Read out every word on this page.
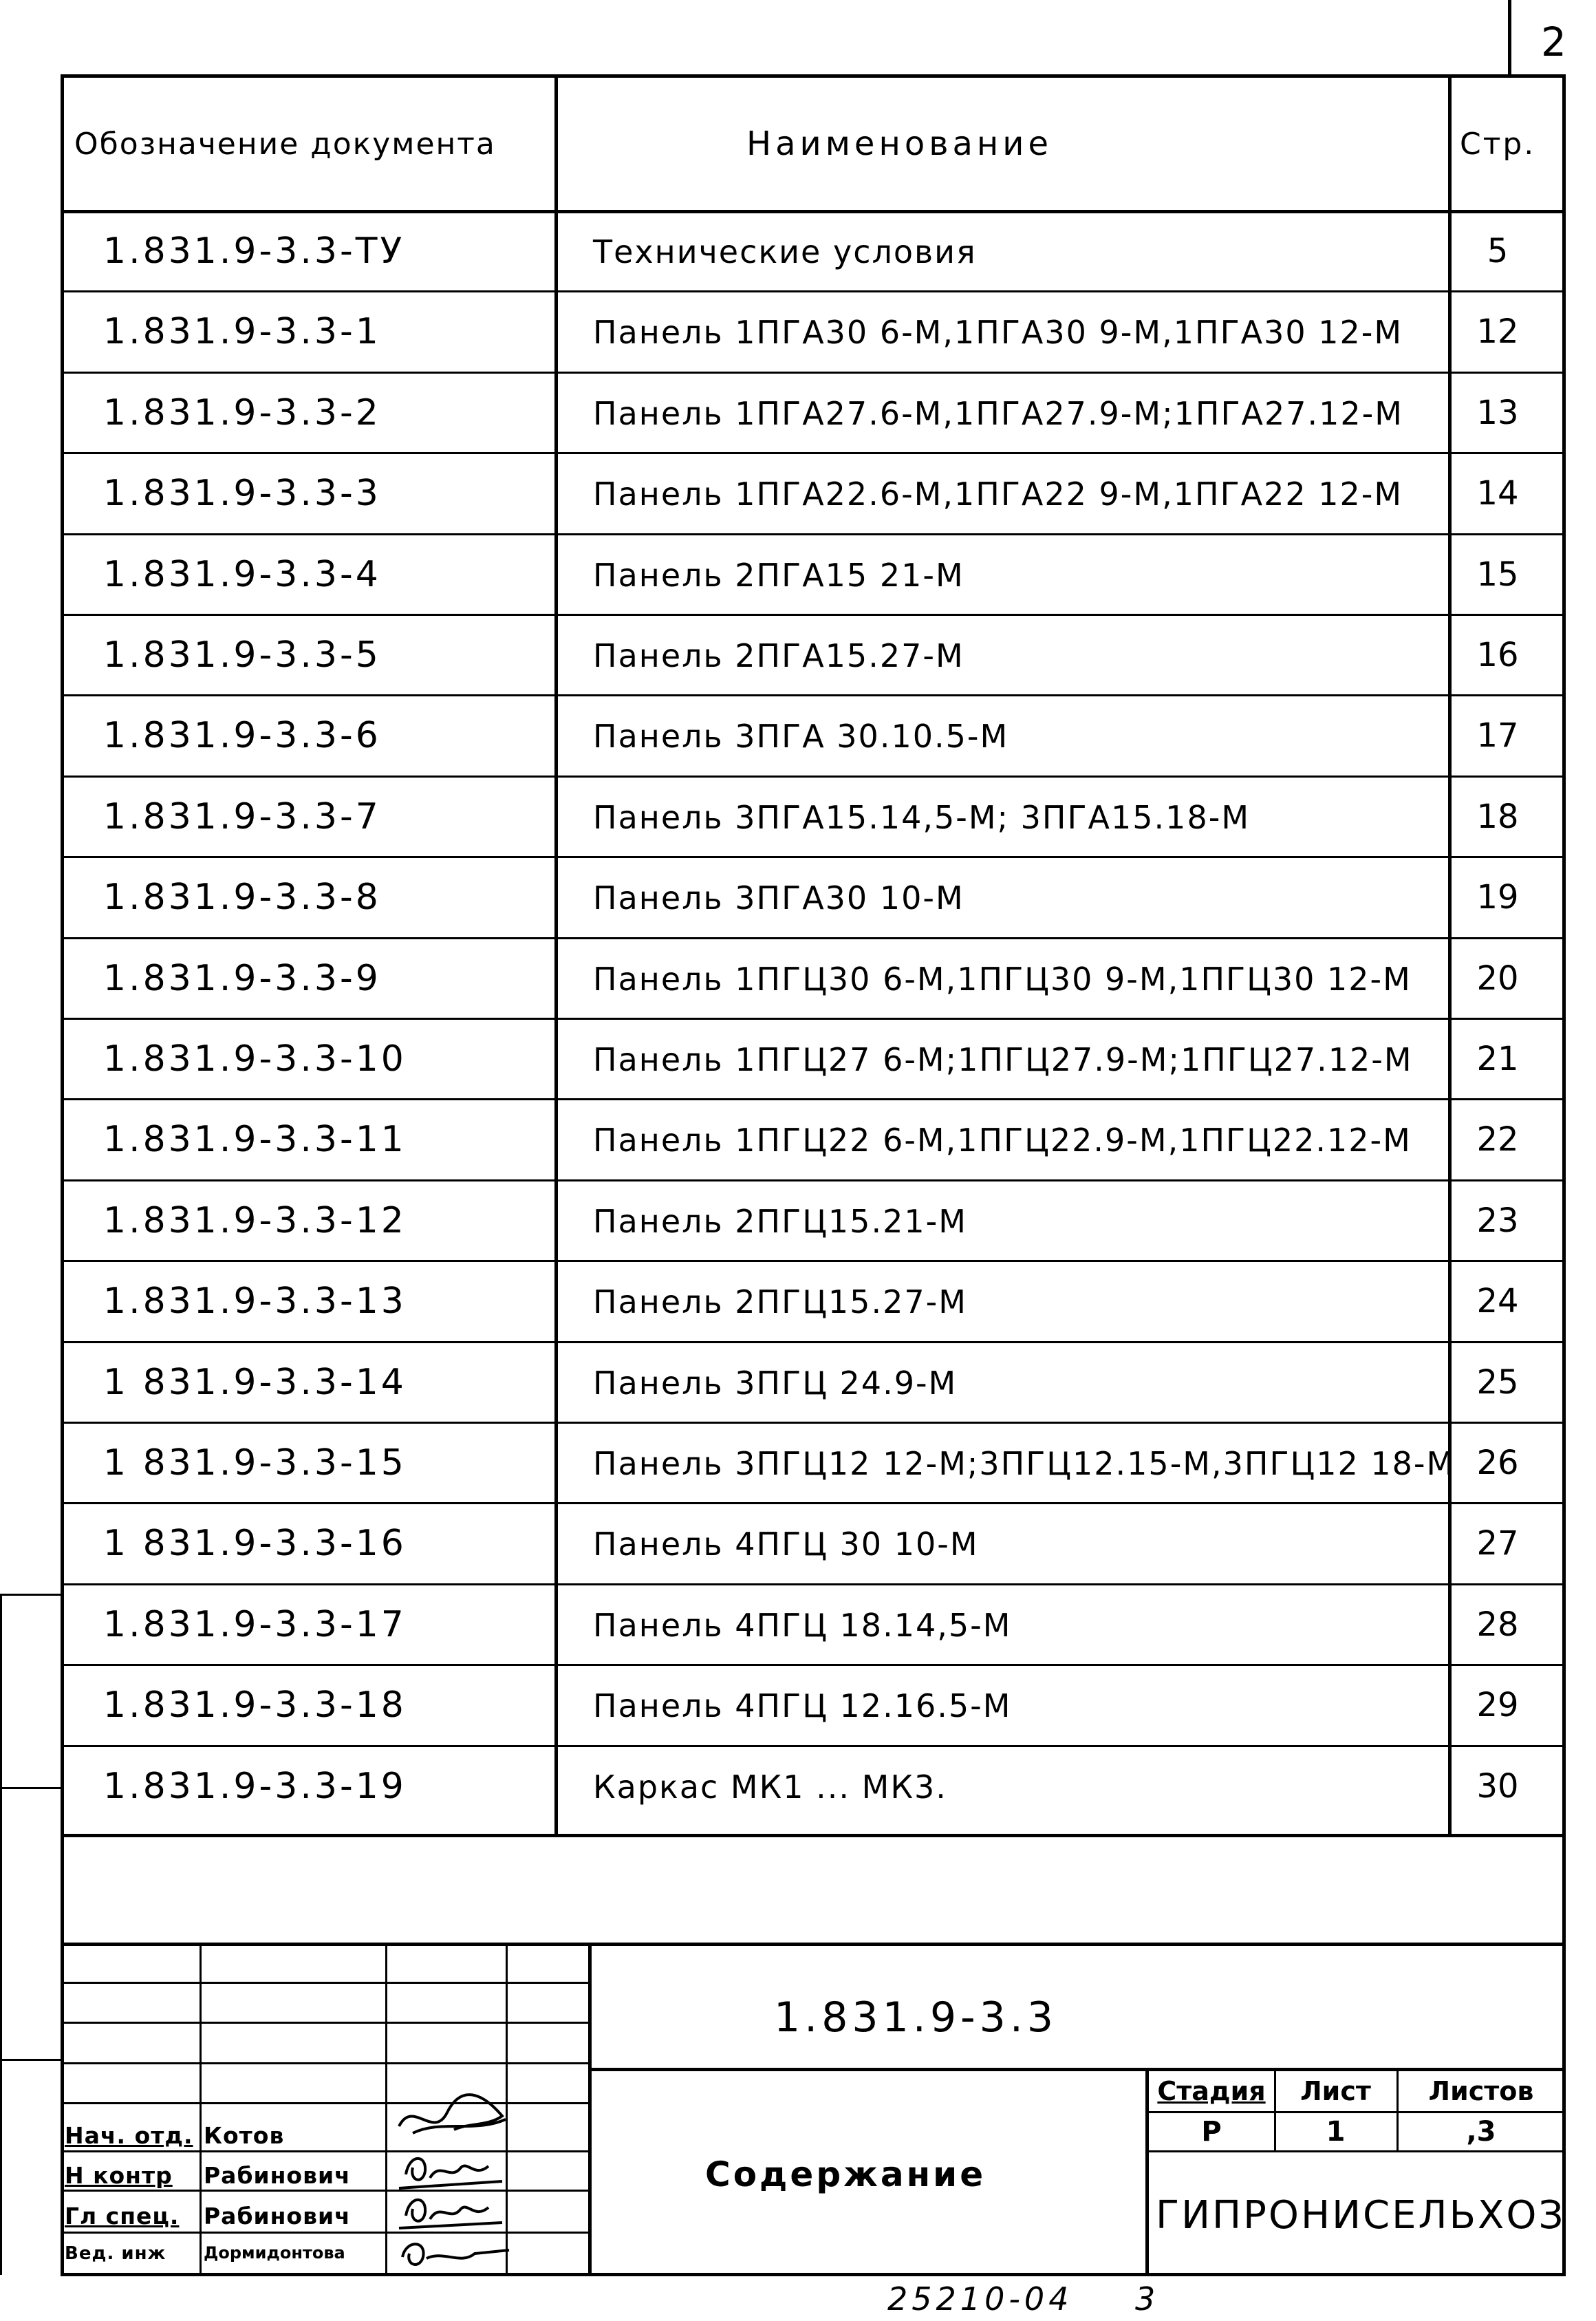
2
Обозначение документа	Наименование	Стр.
1.831.9-3.3-ТУ	Технические условия	5
1.831.9-3.3-1	Панель 1ПГА30 6-М,1ПГА30 9-М,1ПГА30 12-М	12
1.831.9-3.3-2	Панель 1ПГА27.6-М,1ПГА27.9-М;1ПГА27.12-М	13
1.831.9-3.3-3	Панель 1ПГА22.6-М,1ПГА22 9-М,1ПГА22 12-М	14
1.831.9-3.3-4	Панель 2ПГА15 21-М	15
1.831.9-3.3-5	Панель 2ПГА15.27-М	16
1.831.9-3.3-6	Панель 3ПГА 30.10.5-М	17
1.831.9-3.3-7	Панель 3ПГА15.14,5-М; 3ПГА15.18-М	18
1.831.9-3.3-8	Панель 3ПГА30 10-М	19
1.831.9-3.3-9	Панель 1ПГЦ30 6-М,1ПГЦ30 9-М,1ПГЦ30 12-М	20
1.831.9-3.3-10	Панель 1ПГЦ27 6-М;1ПГЦ27.9-М;1ПГЦ27.12-М	21
1.831.9-3.3-11	Панель 1ПГЦ22 6-М,1ПГЦ22.9-М,1ПГЦ22.12-М	22
1.831.9-3.3-12	Панель 2ПГЦ15.21-М	23
1.831.9-3.3-13	Панель 2ПГЦ15.27-М	24
1 831.9-3.3-14	Панель 3ПГЦ 24.9-М	25
1 831.9-3.3-15	Панель 3ПГЦ12 12-М;3ПГЦ12.15-М,3ПГЦ12 18-М 26
1 831.9-3.3-16	Панель 4ПГЦ 30 10-М	27
1.831.9-3.3-17	Панель 4ПГЦ 18.14,5-М	28
1.831.9-3.3-18	Панель 4ПГЦ 12.16.5-М	29
1.831.9-3.3-19	Каркас МК1 ... МК3.	30
1.831.9-3.3
Содержание
Стадия	Лист	Листов
Р	1	,3
ГИПРОНИСЕЛЬХОЗ
Нач. отд. Котов
Н контр Рабинович
Гл спец. Рабинович
Вед. инж Дормидонтова
25210-04 3
